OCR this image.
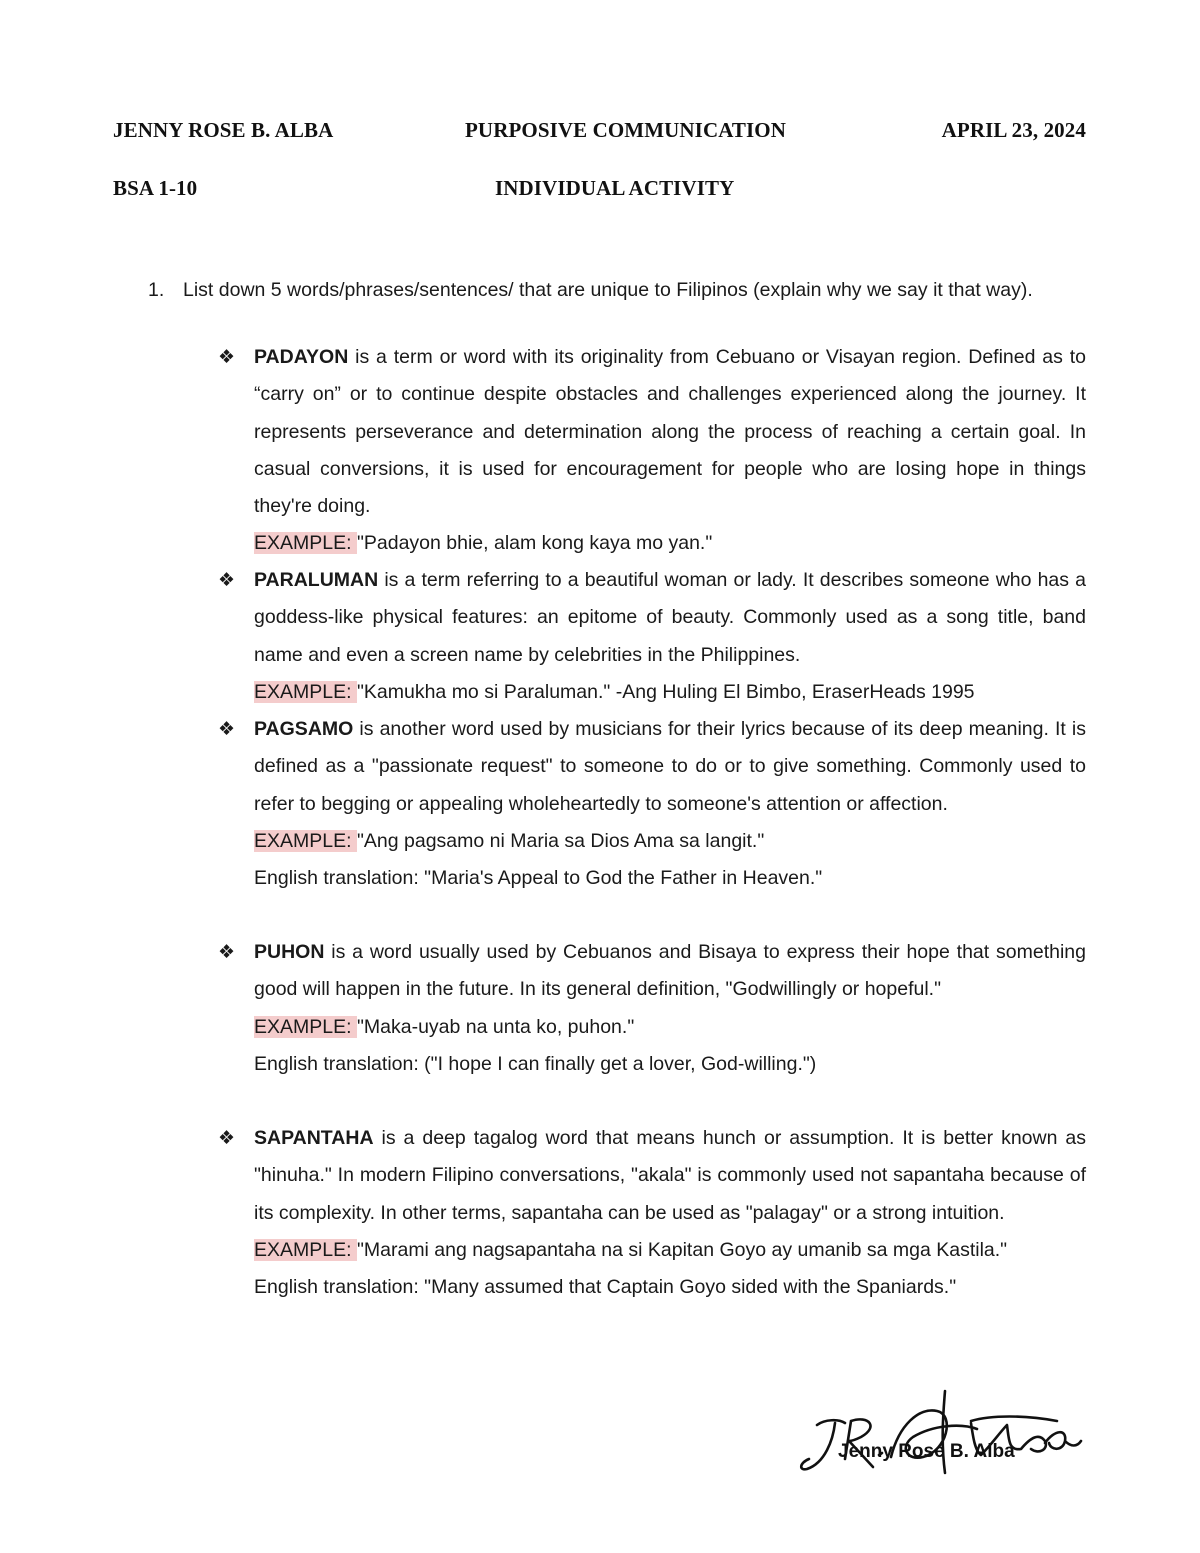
JENNY ROSE B. ALBA	PURPOSIVE COMMUNICATION	APRIL 23, 2024
BSA 1-10	INDIVIDUAL ACTIVITY
1. List down 5 words/phrases/sentences/ that are unique to Filipinos (explain why we say it that way).
❖ PADAYON is a term or word with its originality from Cebuano or Visayan region. Defined as to “carry on” or to continue despite obstacles and challenges experienced along the journey. It represents perseverance and determination along the process of reaching a certain goal. In casual conversions, it is used for encouragement for people who are losing hope in things they're doing.

EXAMPLE: "Padayon bhie, alam kong kaya mo yan."

❖ PARALUMAN is a term referring to a beautiful woman or lady. It describes someone who has a goddess-like physical features: an epitome of beauty. Commonly used as a song title, band name and even a screen name by celebrities in the Philippines.

EXAMPLE: "Kamukha mo si Paraluman." -Ang Huling El Bimbo, EraserHeads 1995

❖ PAGSAMO is another word used by musicians for their lyrics because of its deep meaning. It is defined as a "passionate request" to someone to do or to give something. Commonly used to refer to begging or appealing wholeheartedly to someone's attention or affection.

EXAMPLE: "Ang pagsamo ni Maria sa Dios Ama sa langit."

English translation: "Maria's Appeal to God the Father in Heaven."

❖ PUHON is a word usually used by Cebuanos and Bisaya to express their hope that something good will happen in the future. In its general definition, "Godwillingly or hopeful."

EXAMPLE: "Maka-uyab na unta ko, puhon."

English translation: ("I hope I can finally get a lover, God-willing.")

❖ SAPANTAHA is a deep tagalog word that means hunch or assumption. It is better known as "hinuha." In modern Filipino conversations, "akala" is commonly used not sapantaha because of its complexity. In other terms, sapantaha can be used as "palagay" or a strong intuition.

EXAMPLE: "Marami ang nagsapantaha na si Kapitan Goyo ay umanib sa mga Kastila."

English translation: "Many assumed that Captain Goyo sided with the Spaniards."

Jenny Rose B. Alba
